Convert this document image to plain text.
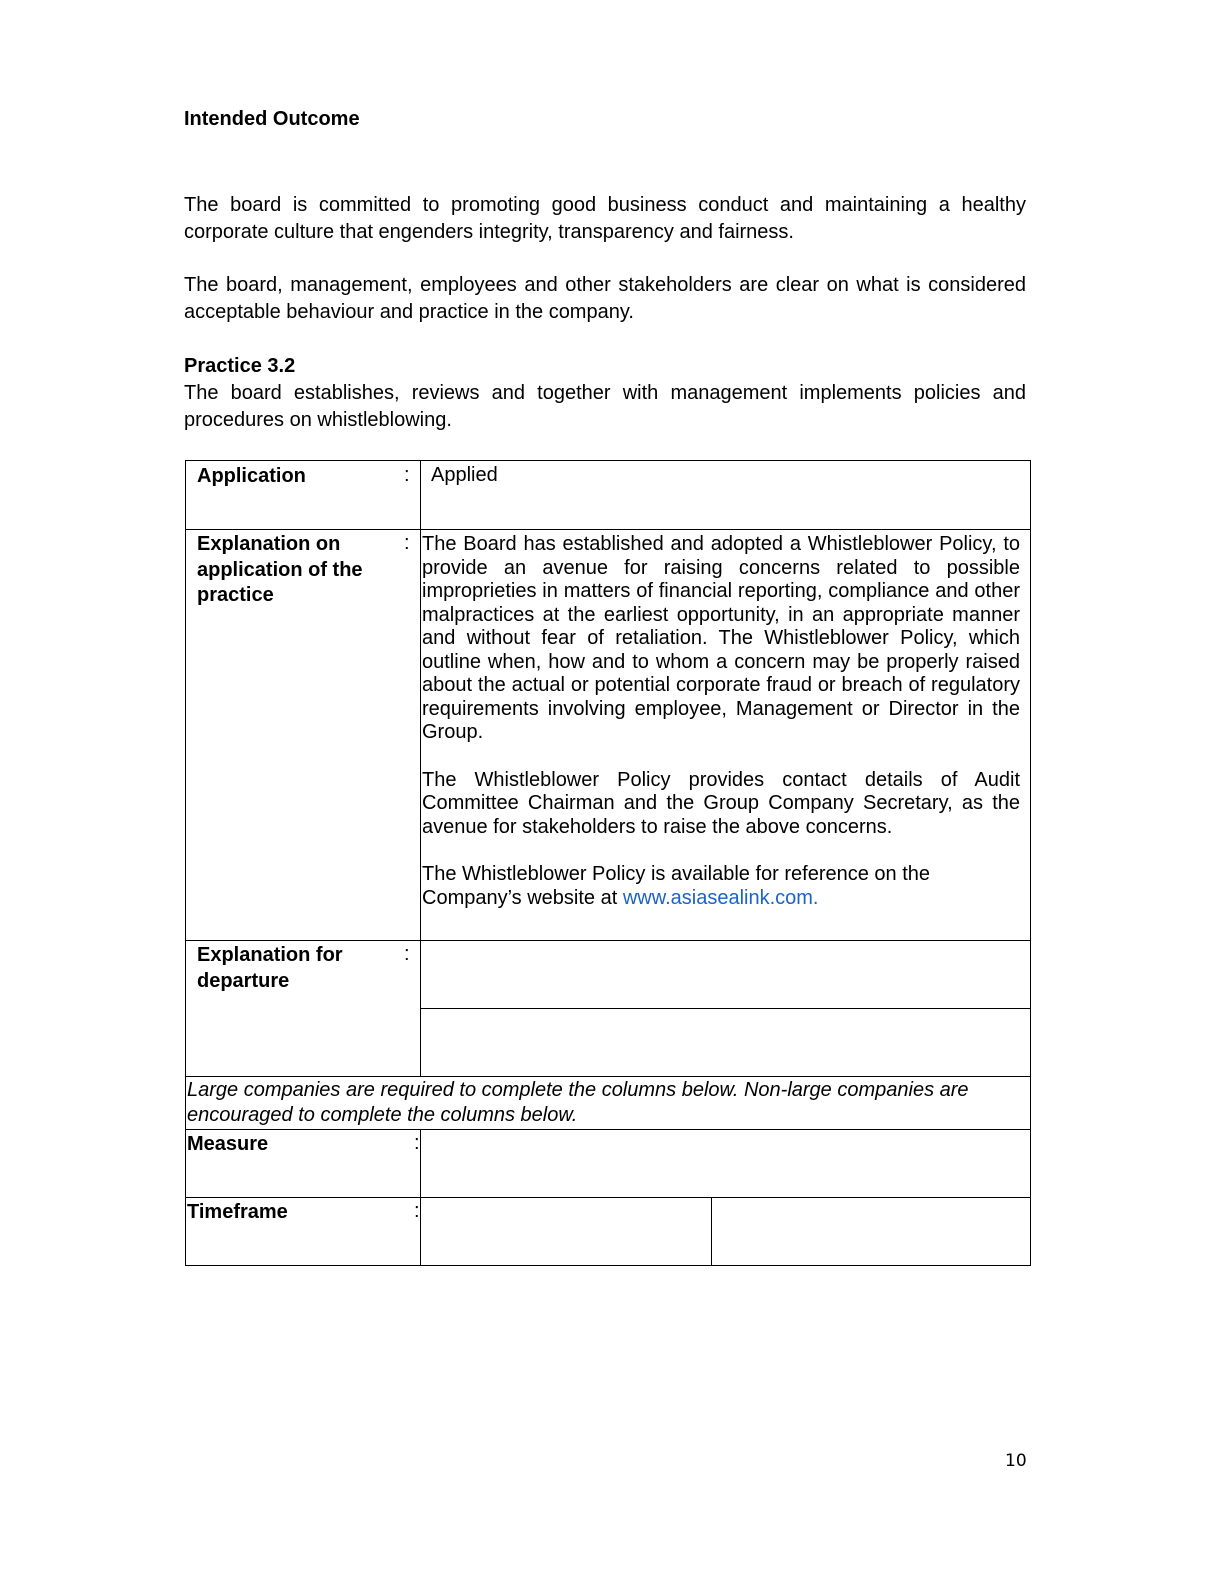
Intended Outcome
The board is committed to promoting good business conduct and maintaining a healthy corporate culture that engenders integrity, transparency and fairness.
The board, management, employees and other stakeholders are clear on what is considered acceptable behaviour and practice in the company.
Practice 3.2
The board establishes, reviews and together with management implements policies and procedures on whistleblowing.
Application	: Applied
Explanation on application of the practice
: The Board has established and adopted a Whistleblower Policy, to provide an avenue for raising concerns related to possible improprieties in matters of financial reporting, compliance and other malpractices at the earliest opportunity, in an appropriate manner and without fear of retaliation. The Whistleblower Policy, which outline when, how and to whom a concern may be properly raised about the actual or potential corporate fraud or breach of regulatory requirements involving employee, Management or Director in the Group.

The Whistleblower Policy provides contact details of Audit Committee Chairman and the Group Company Secretary, as the avenue for stakeholders to raise the above concerns.

The Whistleblower Policy is available for reference on the Company’s website at www.asiasealink.com.

Explanation for departure
:
Large companies are required to complete the columns below. Non-large companies are encouraged to complete the columns below.
Measure	:
Timeframe	:
10
